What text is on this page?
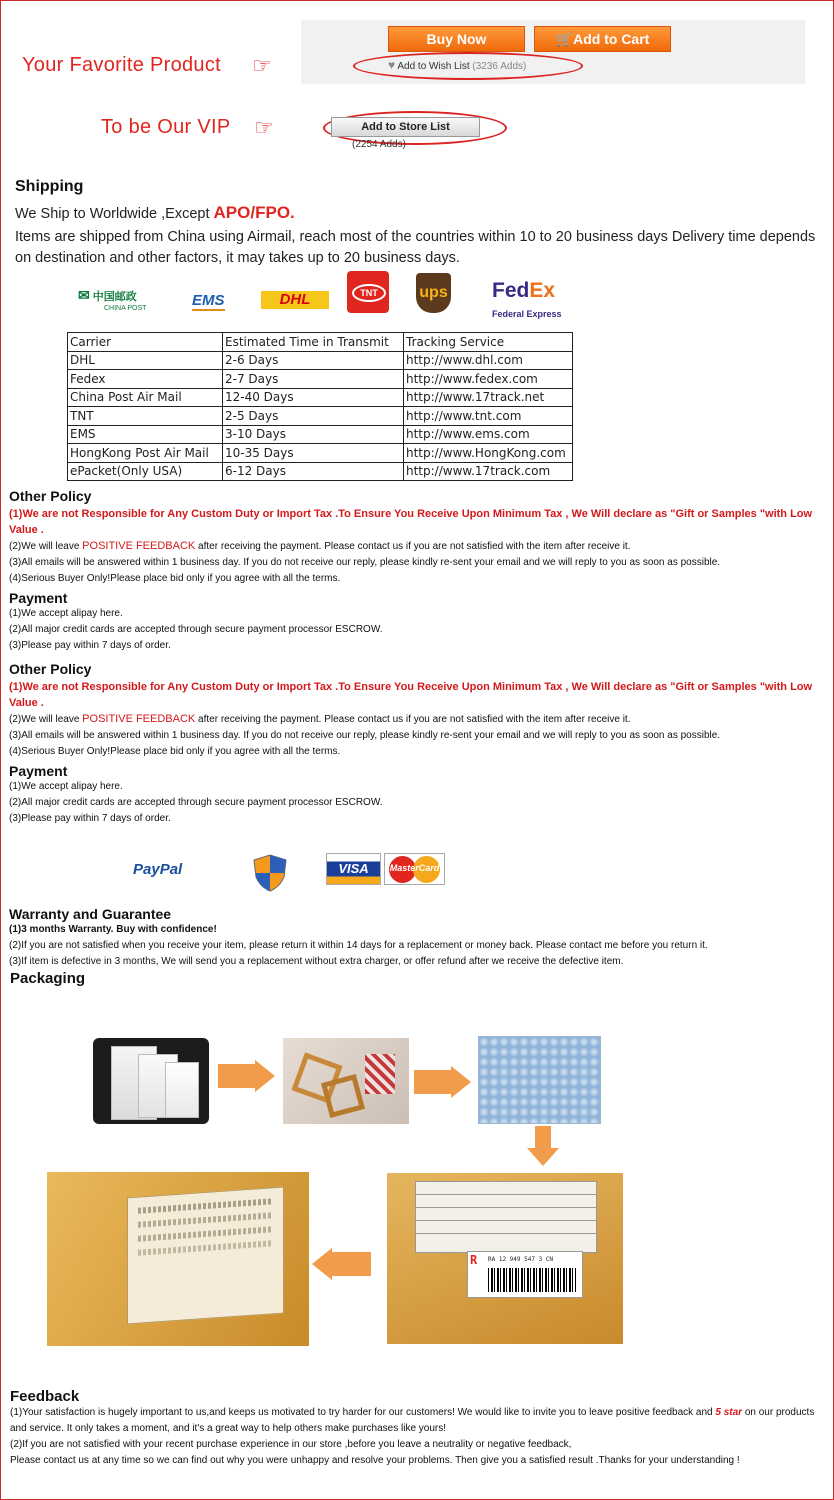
Your Favorite Product ☞
Buy Now	🛒Add to Cart
♥ Add to Wish List (3236 Adds)
To be Our VIP ☞	Add to Store List
(2254 Adds)
Shipping
We Ship to Worldwide ,Except APO/FPO.
Items are shipped from China using Airmail, reach most of the countries within 10 to 20 business days Delivery time depends on destination and other factors, it may takes up to 20 business days.
✉ 中国邮政
CHINA POST	EMS	DHL	TNT	ups FedEx
Federal Express
Carrier	Estimated Time in Transmit	Tracking Service
DHL	2-6 Days	http://www.dhl.com
Fedex	2-7 Days	http://www.fedex.com
China Post Air Mail	12-40 Days	http://www.17track.net
TNT	2-5 Days	http://www.tnt.com
EMS	3-10 Days	http://www.ems.com
HongKong Post Air Mail	10-35 Days	http://www.HongKong.com
ePacket(Only USA)	6-12 Days	http://www.17track.com
Other Policy
(1)We are not Responsible for Any Custom Duty or Import Tax .To Ensure You Receive Upon Minimum Tax , We Will declare as "Gift or Samples "with Low Value .
(2)We will leave POSITIVE FEEDBACK after receiving the payment. Please contact us if you are not satisfied with the item after receive it.
(3)All emails will be answered within 1 business day. If you do not receive our reply, please kindly re-sent your email and we will reply to you as soon as possible.
(4)Serious Buyer Only!Please place bid only if you agree with all the terms.
Payment
(1)We accept alipay here.
(2)All major credit cards are accepted through secure payment processor ESCROW.
(3)Please pay within 7 days of order.
Other Policy
(1)We are not Responsible for Any Custom Duty or Import Tax .To Ensure You Receive Upon Minimum Tax , We Will declare as "Gift or Samples "with Low Value .
(2)We will leave POSITIVE FEEDBACK after receiving the payment. Please contact us if you are not satisfied with the item after receive it.
(3)All emails will be answered within 1 business day. If you do not receive our reply, please kindly re-sent your email and we will reply to you as soon as possible.
(4)Serious Buyer Only!Please place bid only if you agree with all the terms.
Payment
(1)We accept alipay here.
(2)All major credit cards are accepted through secure payment processor ESCROW.
(3)Please pay within 7 days of order.
PayPal	VISA	MasterCard
Warranty and Guarantee
(1)3 months Warranty. Buy with confidence!
(2)If you are not satisfied when you receive your item, please return it within 14 days for a replacement or money back. Please contact me before you return it.
(3)If item is defective in 3 months, We will send you a replacement without extra charger, or offer refund after we receive the defective item.
Packaging
R RA 12 949 547 3 CN
Feedback
(1)Your satisfaction is hugely important to us,and keeps us motivated to try harder for our customers! We would like to invite you to leave positive feedback and 5 star on our products and service. It only takes a moment, and it's a great way to help others make purchases like yours!
(2)If you are not satisfied with your recent purchase experience in our store ,before you leave a neutrality or negative feedback,
Please contact us at any time so we can find out why you were unhappy and resolve your problems. Then give you a satisfied result .Thanks for your understanding !
